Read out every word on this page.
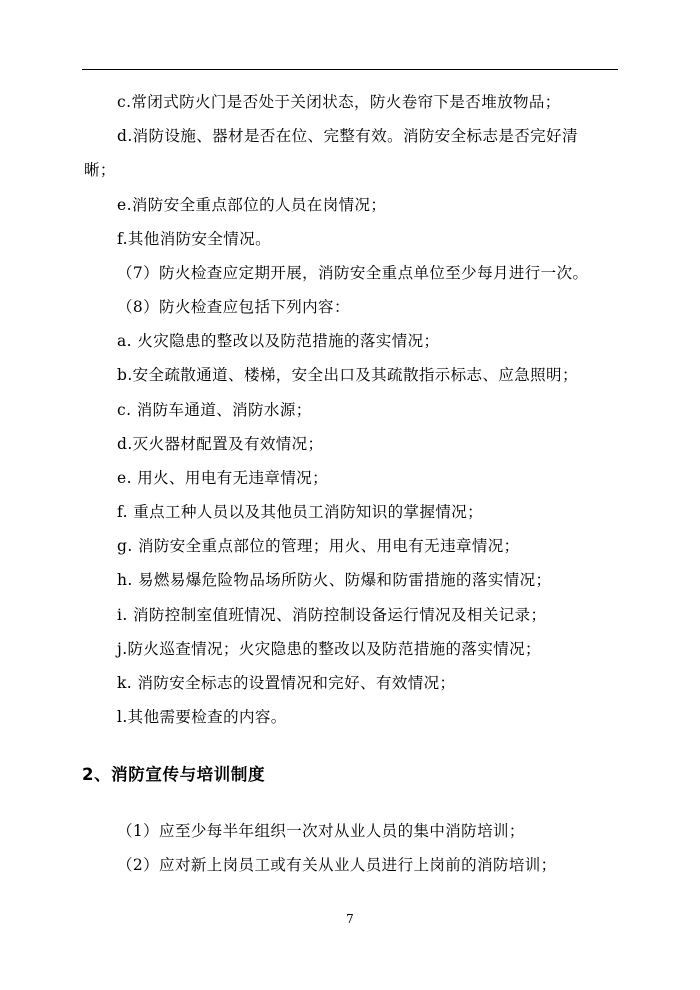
c.常闭式防火门是否处于关闭状态，防火卷帘下是否堆放物品；
d.消防设施、器材是否在位、完整有效。消防安全标志是否完好清
晰；
e.消防安全重点部位的人员在岗情况；
f.其他消防安全情况。
（7）防火检查应定期开展，消防安全重点单位至少每月进行一次。
（8）防火检查应包括下列内容：
a. 火灾隐患的整改以及防范措施的落实情况；
b.安全疏散通道、楼梯，安全出口及其疏散指示标志、应急照明；
c. 消防车通道、消防水源；
d.灭火器材配置及有效情况；
e. 用火、用电有无违章情况；
f. 重点工种人员以及其他员工消防知识的掌握情况；
g. 消防安全重点部位的管理；用火、用电有无违章情况；
h. 易燃易爆危险物品场所防火、防爆和防雷措施的落实情况；
i. 消防控制室值班情况、消防控制设备运行情况及相关记录；
j.防火巡查情况；火灾隐患的整改以及防范措施的落实情况；
k. 消防安全标志的设置情况和完好、有效情况；
l.其他需要检查的内容。
2、消防宣传与培训制度
（1）应至少每半年组织一次对从业人员的集中消防培训；
（2）应对新上岗员工或有关从业人员进行上岗前的消防培训；
7
